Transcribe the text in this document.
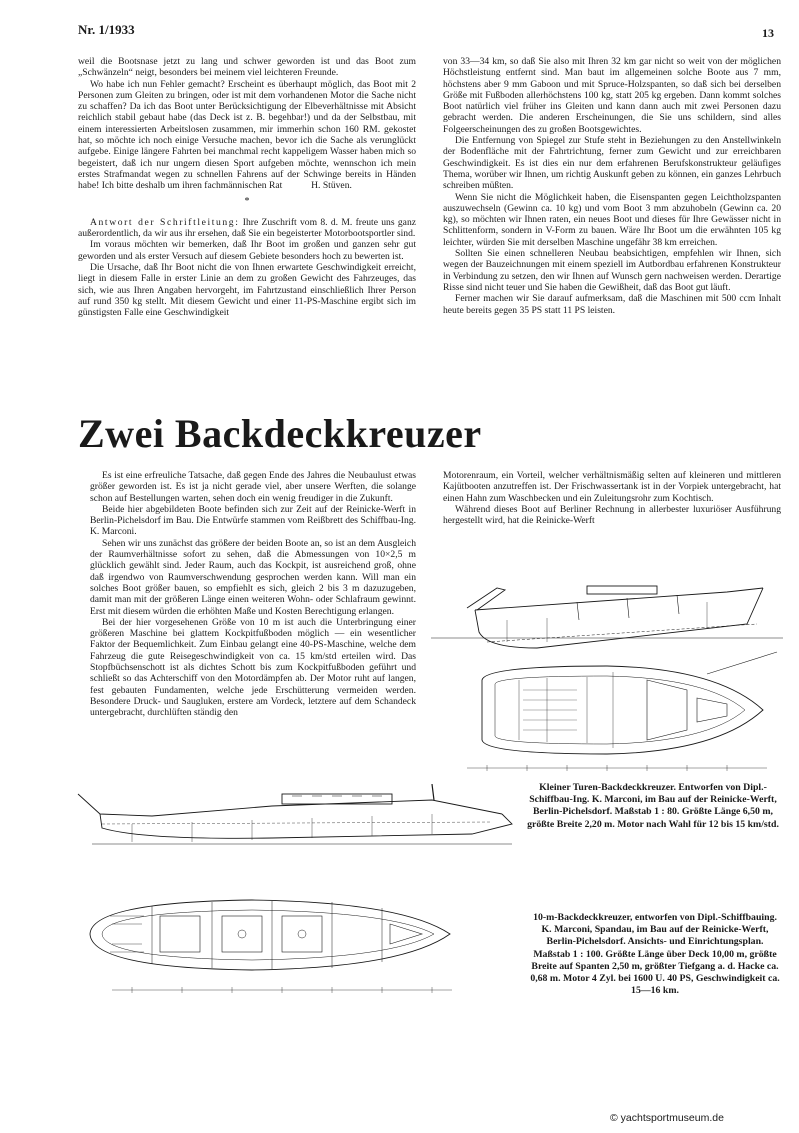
Nr. 1/1933	13

weil die Bootsnase jetzt zu lang und schwer geworden ist und das Boot zum „Schwänzeln“ neigt, besonders bei meinem viel leichteren Freunde.

Wo habe ich nun Fehler gemacht? Erscheint es überhaupt möglich, das Boot mit 2 Personen zum Gleiten zu bringen, oder ist mit dem vorhandenen Motor die Sache nicht zu schaffen? Da ich das Boot unter Berücksichtigung der Elbeverhältnisse mit Absicht reichlich stabil gebaut habe (das Deck ist z. B. begehbar!) und da der Selbstbau, mit einem interessierten Arbeitslosen zusammen, mir immerhin schon 160 RM. gekostet hat, so möchte ich noch einige Versuche machen, bevor ich die Sache als verunglückt aufgebe. Einige längere Fahrten bei manchmal recht kappeligem Wasser haben mich so begeistert, daß ich nur ungern diesen Sport aufgeben möchte, wennschon ich mein erstes Strafmandat wegen zu schnellen Fahrens auf der Schwinge bereits in Händen habe! Ich bitte deshalb um ihren fachmännischen Rat	H. Stüven.

*

Antwort der Schriftleitung: Ihre Zuschrift vom 8. d. M. freute uns ganz außerordentlich, da wir aus ihr ersehen, daß Sie ein begeisterter Motorbootsportler sind.

Im voraus möchten wir bemerken, daß Ihr Boot im großen und ganzen sehr gut geworden und als erster Versuch auf diesem Gebiete besonders hoch zu bewerten ist.

Die Ursache, daß Ihr Boot nicht die von Ihnen erwartete Geschwindigkeit erreicht, liegt in diesem Falle in erster Linie an dem zu großen Gewicht des Fahrzeuges, das sich, wie aus Ihren Angaben hervorgeht, im Fahrtzustand einschließlich Ihrer Person auf rund 350 kg stellt. Mit diesem Gewicht und einer 11-PS-Maschine ergibt sich im günstigsten Falle eine Geschwindigkeit

von 33—34 km, so daß Sie also mit Ihren 32 km gar nicht so weit von der möglichen Höchstleistung entfernt sind. Man baut im allgemeinen solche Boote aus 7 mm, höchstens aber 9 mm Gaboon und mit Spruce-Holzspanten, so daß sich bei derselben Größe mit Fußboden allerhöchstens 100 kg, statt 205 kg ergeben. Dann kommt solches Boot natürlich viel früher ins Gleiten und kann dann auch mit zwei Personen dazu gebracht werden. Die anderen Erscheinungen, die Sie uns schildern, sind alles Folgeerscheinungen des zu großen Bootsgewichtes.

Die Entfernung von Spiegel zur Stufe steht in Beziehungen zu den Anstellwinkeln der Bodenfläche mit der Fahrtrichtung, ferner zum Gewicht und zur erreichbaren Geschwindigkeit. Es ist dies ein nur dem erfahrenen Berufskonstrukteur geläufiges Thema, worüber wir Ihnen, um richtig Auskunft geben zu können, ein ganzes Lehrbuch schreiben müßten.

Wenn Sie nicht die Möglichkeit haben, die Eisenspanten gegen Leichtholzspanten auszuwechseln (Gewinn ca. 10 kg) und vom Boot 3 mm abzuhobeln (Gewinn ca. 20 kg), so möchten wir Ihnen raten, ein neues Boot und dieses für Ihre Gewässer nicht in Schlittenform, sondern in V-Form zu bauen. Wäre Ihr Boot um die erwähnten 105 kg leichter, würden Sie mit derselben Maschine ungefähr 38 km erreichen.

Sollten Sie einen schnelleren Neubau beabsichtigen, empfehlen wir Ihnen, sich wegen der Bauzeichnungen mit einem speziell im Autbordbau erfahrenen Konstrukteur in Verbindung zu setzen, den wir Ihnen auf Wunsch gern nachweisen werden. Derartige Risse sind nicht teuer und Sie haben die Gewißheit, daß das Boot gut läuft.

Ferner machen wir Sie darauf aufmerksam, daß die Maschinen mit 500 ccm Inhalt heute bereits gegen 35 PS statt 11 PS leisten.

Zwei Backdeckkreuzer

Es ist eine erfreuliche Tatsache, daß gegen Ende des Jahres die Neubaulust etwas größer geworden ist. Es ist ja nicht gerade viel, aber unsere Werften, die solange schon auf Bestellungen warten, sehen doch ein wenig freudiger in die Zukunft.

Beide hier abgebildeten Boote befinden sich zur Zeit auf der Reinicke-Werft in Berlin-Pichelsdorf im Bau. Die Entwürfe stammen vom Reißbrett des Schiffbau-Ing. K. Marconi.

Sehen wir uns zunächst das größere der beiden Boote an, so ist an dem Ausgleich der Raumverhältnisse sofort zu sehen, daß die Abmessungen von 10×2,5 m glücklich gewählt sind. Jeder Raum, auch das Kockpit, ist ausreichend groß, ohne daß irgendwo von Raumverschwendung gesprochen werden kann. Will man ein solches Boot größer bauen, so empfiehlt es sich, gleich 2 bis 3 m dazuzugeben, damit man mit der größeren Länge einen weiteren Wohn- oder Schlafraum gewinnt. Erst mit diesem würden die erhöhten Maße und Kosten Berechtigung erlangen.

Bei der hier vorgesehenen Größe von 10 m ist auch die Unterbringung einer größeren Maschine bei glattem Kockpitfußboden möglich — ein wesentlicher Faktor der Bequemlichkeit. Zum Einbau gelangt eine 40-PS-Maschine, welche dem Fahrzeug die gute Reisegeschwindigkeit von ca. 15 km/std erteilen wird. Das Stopfbüchsenschott ist als dichtes Schott bis zum Kockpitfußboden geführt und schließt so das Achterschiff von den Motordämpfen ab. Der Motor ruht auf langen, fest gebauten Fundamenten, welche jede Erschütterung vermeiden werden. Besondere Druck- und Saugluken, erstere am Vordeck, letztere auf dem Schandeck untergebracht, durchlüften ständig den

Motorenraum, ein Vorteil, welcher verhältnismäßig selten auf kleineren und mittleren Kajütbooten anzutreffen ist. Der Frischwassertank ist in der Vorpiek untergebracht, hat einen Hahn zum Waschbecken und ein Zuleitungsrohr zum Kochtisch.

Während dieses Boot auf Berliner Rechnung in allerbester luxuriöser Ausführung hergestellt wird, hat die Reinicke-Werft

Kleiner Turen-Backdeckkreuzer. Entworfen von Dipl.-Schiffbau-Ing. K. Marconi, im Bau auf der Reinicke-Werft, Berlin-Pichelsdorf. Maßstab 1 : 80. Größte Länge 6,50 m, größte Breite 2,20 m. Motor nach Wahl für 12 bis 15 km/std.
10-m-Backdeckkreuzer, entworfen von Dipl.-Schiffbauing. K. Marconi, Spandau, im Bau auf der Reinicke-Werft, Berlin-Pichelsdorf. Ansichts- und Einrichtungsplan. Maßstab 1 : 100. Größte Länge über Deck 10,00 m, größte Breite auf Spanten 2,50 m, größter Tiefgang a. d. Hacke ca. 0,68 m. Motor 4 Zyl. bei 1600 U. 40 PS, Geschwindigkeit ca. 15—16 km.
© yachtsportmuseum.de
